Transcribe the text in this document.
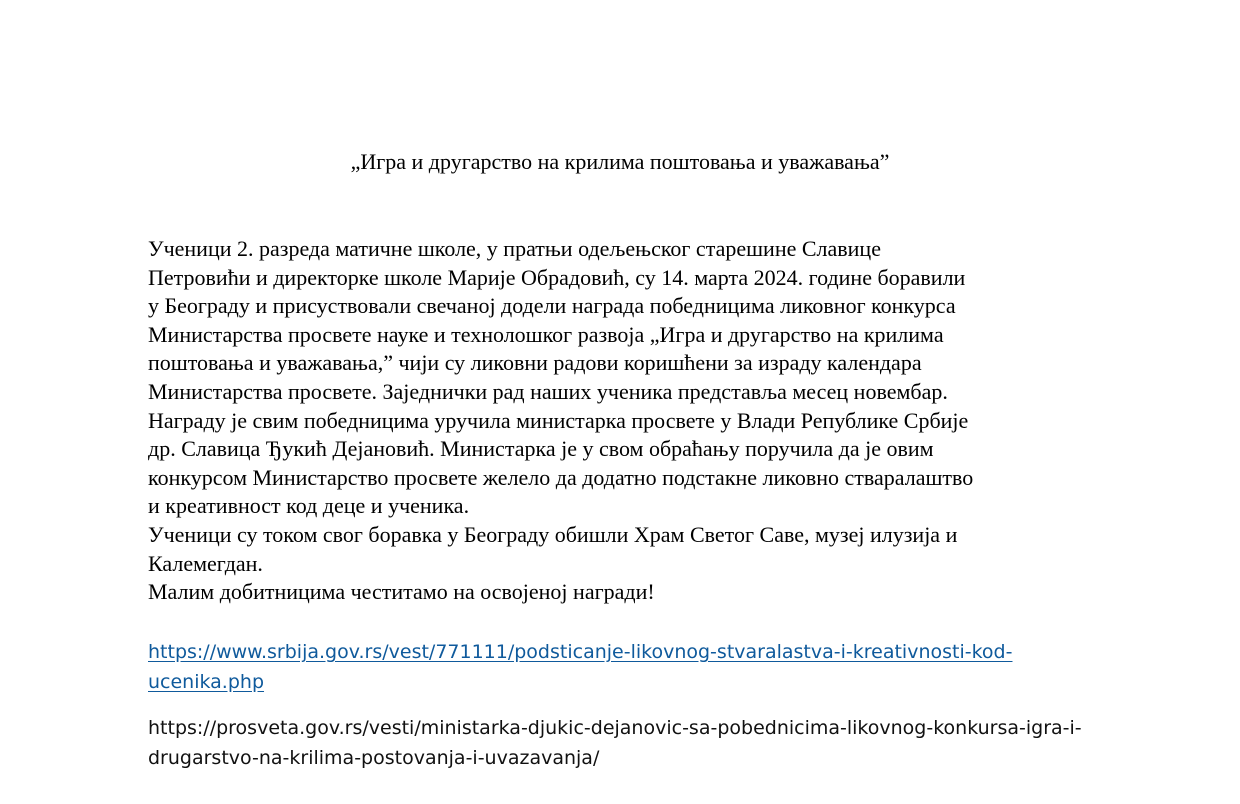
„Игра и другарство на крилима поштовања и уважавања”
Ученици 2. разреда матичне школе, у пратњи одељењског старешине Славице
Петровићи и директорке школе Марије Обрадовић, су 14. марта 2024. године боравили
у Београду и присуствовали свечаној додели награда победницима ликовног конкурса
Министарства просвете науке и технолошког развоја „Игра и другарство на крилима
поштовања и уважавања,” чији су ликовни радови коришћени за израду календара
Министарства просвете. Заједнички рад наших ученика представља месец новембар.
Награду је свим победницима уручила министарка просвете у Влади Републике Србије
др. Славица Ђукић Дејановић. Министарка је у свом обраћању поручила да је овим
конкурсом Министарство просвете желело да додатно подстакне ликовно стваралаштво
и креативност код деце и ученика.
Ученици су током свог боравка у Београду обишли Храм Светог Саве, музеј илузија и
Калемегдан.
Малим добитницима честитамо на освојеној награди!
https://www.srbija.gov.rs/vest/771111/podsticanje-likovnog-stvaralastva-i-kreativnosti-kod-
ucenika.php
https://prosveta.gov.rs/vesti/ministarka-djukic-dejanovic-sa-pobednicima-likovnog-konkursa-igra-i-
drugarstvo-na-krilima-postovanja-i-uvazavanja/
